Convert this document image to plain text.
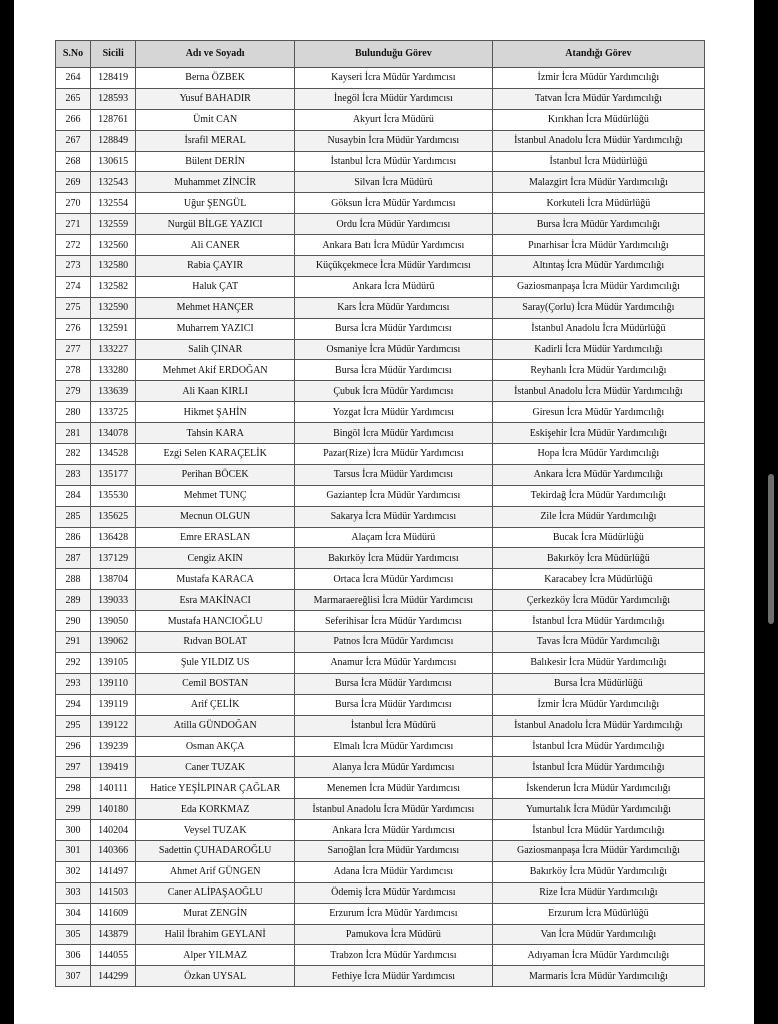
S.No	Sicili	Adı ve Soyadı	Bulunduğu Görev	Atandığı Görev
264	128419	Berna ÖZBEK	Kayseri İcra Müdür Yardımcısı	İzmir İcra Müdür Yardımcılığı
265	128593	Yusuf BAHADIR	İnegöl İcra Müdür Yardımcısı	Tatvan İcra Müdür Yardımcılığı
266	128761	Ümit CAN	Akyurt İcra Müdürü	Kırıkhan İcra Müdürlüğü
267	128849	İsrafil MERAL	Nusaybin İcra Müdür Yardımcısı	İstanbul Anadolu İcra Müdür Yardımcılığı
268	130615	Bülent DERİN	İstanbul İcra Müdür Yardımcısı	İstanbul İcra Müdürlüğü
269	132543	Muhammet ZİNCİR	Silvan İcra Müdürü	Malazgirt İcra Müdür Yardımcılığı
270	132554	Uğur ŞENGÜL	Göksun İcra Müdür Yardımcısı	Korkuteli İcra Müdürlüğü
271	132559	Nurgül BİLGE YAZICI	Ordu İcra Müdür Yardımcısı	Bursa İcra Müdür Yardımcılığı
272	132560	Ali CANER	Ankara Batı İcra Müdür Yardımcısı	Pınarhisar İcra Müdür Yardımcılığı
273	132580	Rabia ÇAYIR	Küçükçekmece İcra Müdür Yardımcısı	Altıntaş İcra Müdür Yardımcılığı
274	132582	Haluk ÇAT	Ankara İcra Müdürü	Gaziosmanpaşa İcra Müdür Yardımcılığı
275	132590	Mehmet HANÇER	Kars İcra Müdür Yardımcısı	Saray(Çorlu) İcra Müdür Yardımcılığı
276	132591	Muharrem YAZICI	Bursa İcra Müdür Yardımcısı	İstanbul Anadolu İcra Müdürlüğü
277	133227	Salih ÇINAR	Osmaniye İcra Müdür Yardımcısı	Kadirli İcra Müdür Yardımcılığı
278	133280	Mehmet Akif ERDOĞAN	Bursa İcra Müdür Yardımcısı	Reyhanlı İcra Müdür Yardımcılığı
279	133639	Ali Kaan KIRLI	Çubuk İcra Müdür Yardımcısı	İstanbul Anadolu İcra Müdür Yardımcılığı
280	133725	Hikmet ŞAHİN	Yozgat İcra Müdür Yardımcısı	Giresun İcra Müdür Yardımcılığı
281	134078	Tahsin KARA	Bingöl İcra Müdür Yardımcısı	Eskişehir İcra Müdür Yardımcılığı
282	134528	Ezgi Selen KARAÇELİK	Pazar(Rize) İcra Müdür Yardımcısı	Hopa İcra Müdür Yardımcılığı
283	135177	Perihan BÖCEK	Tarsus İcra Müdür Yardımcısı	Ankara İcra Müdür Yardımcılığı
284	135530	Mehmet TUNÇ	Gaziantep İcra Müdür Yardımcısı	Tekirdağ İcra Müdür Yardımcılığı
285	135625	Mecnun OLGUN	Sakarya İcra Müdür Yardımcısı	Zile İcra Müdür Yardımcılığı
286	136428	Emre ERASLAN	Alaçam İcra Müdürü	Bucak İcra Müdürlüğü
287	137129	Cengiz AKIN	Bakırköy İcra Müdür Yardımcısı	Bakırköy İcra Müdürlüğü
288	138704	Mustafa KARACA	Ortaca İcra Müdür Yardımcısı	Karacabey İcra Müdürlüğü
289	139033	Esra MAKİNACI	Marmaraereğlisi İcra Müdür Yardımcısı	Çerkezköy İcra Müdür Yardımcılığı
290	139050	Mustafa HANCIOĞLU	Seferihisar İcra Müdür Yardımcısı	İstanbul İcra Müdür Yardımcılığı
291	139062	Rıdvan BOLAT	Patnos İcra Müdür Yardımcısı	Tavas İcra Müdür Yardımcılığı
292	139105	Şule YILDIZ US	Anamur İcra Müdür Yardımcısı	Balıkesir İcra Müdür Yardımcılığı
293	139110	Cemil BOSTAN	Bursa İcra Müdür Yardımcısı	Bursa İcra Müdürlüğü
294	139119	Arif ÇELİK	Bursa İcra Müdür Yardımcısı	İzmir İcra Müdür Yardımcılığı
295	139122	Atilla GÜNDOĞAN	İstanbul İcra Müdürü	İstanbul Anadolu İcra Müdür Yardımcılığı
296	139239	Osman AKÇA	Elmalı İcra Müdür Yardımcısı	İstanbul İcra Müdür Yardımcılığı
297	139419	Caner TUZAK	Alanya İcra Müdür Yardımcısı	İstanbul İcra Müdür Yardımcılığı
298	140111	Hatice YEŞİLPINAR ÇAĞLAR	Menemen İcra Müdür Yardımcısı	İskenderun İcra Müdür Yardımcılığı
299	140180	Eda KORKMAZ	İstanbul Anadolu İcra Müdür Yardımcısı	Yumurtalık İcra Müdür Yardımcılığı
300	140204	Veysel TUZAK	Ankara İcra Müdür Yardımcısı	İstanbul İcra Müdür Yardımcılığı
301	140366	Sadettin ÇUHADAROĞLU	Sarıoğlan İcra Müdür Yardımcısı	Gaziosmanpaşa İcra Müdür Yardımcılığı
302	141497	Ahmet Arif GÜNGEN	Adana İcra Müdür Yardımcısı	Bakırköy İcra Müdür Yardımcılığı
303	141503	Caner ALİPAŞAOĞLU	Ödemiş İcra Müdür Yardımcısı	Rize İcra Müdür Yardımcılığı
304	141609	Murat ZENGİN	Erzurum İcra Müdür Yardımcısı	Erzurum İcra Müdürlüğü
305	143879	Halil İbrahim GEYLANİ	Pamukova İcra Müdürü	Van İcra Müdür Yardımcılığı
306	144055	Alper YILMAZ	Trabzon İcra Müdür Yardımcısı	Adıyaman İcra Müdür Yardımcılığı
307	144299	Özkan UYSAL	Fethiye İcra Müdür Yardımcısı	Marmaris İcra Müdür Yardımcılığı
